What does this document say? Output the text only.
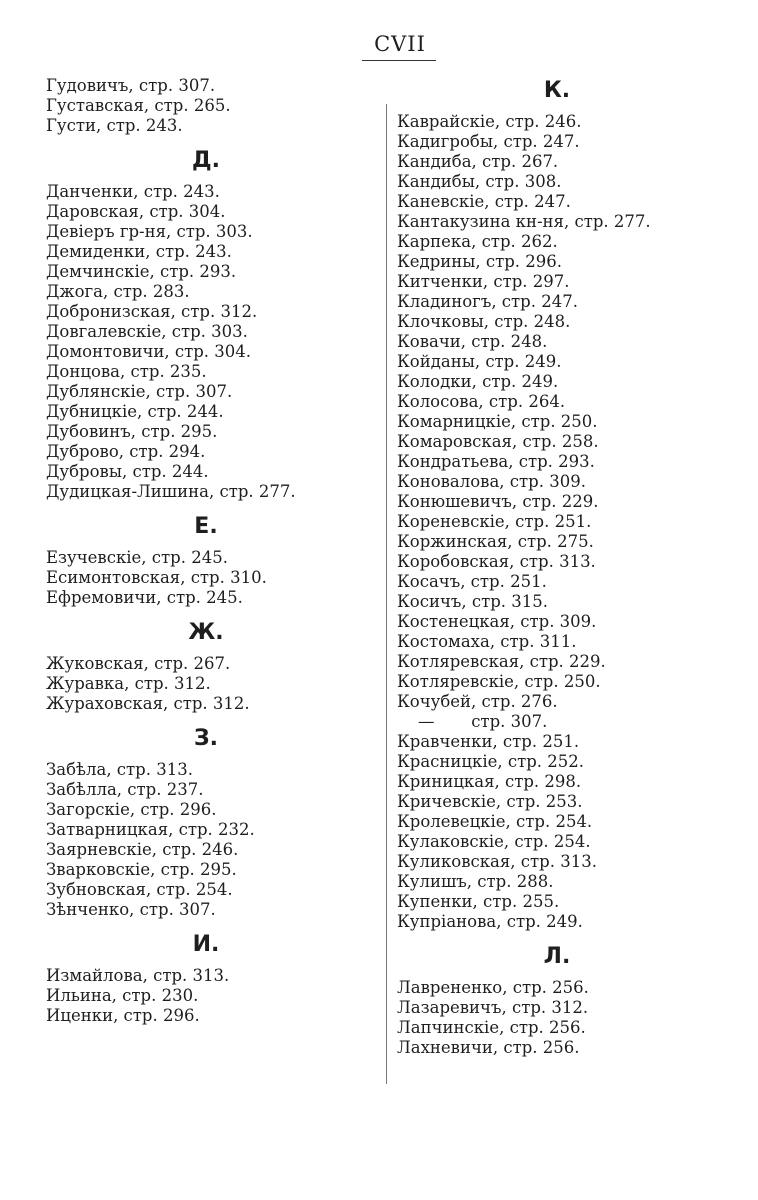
CVII
Гудовичъ, стр. 307.
Густавская, стр. 265.
Густи, стр. 243.
Д.
Данченки, стр. 243.
Даровская, стр. 304.
Девіеръ гр-ня, стр. 303.
Демиденки, стр. 243.
Демчинскіе, стр. 293.
Джога, стр. 283.
Добронизская, стр. 312.
Довгалевскіе, стр. 303.
Домонтовичи, стр. 304.
Донцова, стр. 235.
Дублянскіе, стр. 307.
Дубницкіе, стр. 244.
Дубовинъ, стр. 295.
Дуброво, стр. 294.
Дубровы, стр. 244.
Дудицкая-Лишина, стр. 277.
Е.
Езучевскіе, стр. 245.
Есимонтовская, стр. 310.
Ефремовичи, стр. 245.
Ж.
Жуковская, стр. 267.
Журавка, стр. 312.
Жураховская, стр. 312.
З.
Забѣла, стр. 313.
Забѣлла, стр. 237.
Загорскіе, стр. 296.
Затварницкая, стр. 232.
Заярневскіе, стр. 246.
Зварковскіе, стр. 295.
Зубновская, стр. 254.
Зѣнченко, стр. 307.
И.
Измайлова, стр. 313.
Ильина, стр. 230.
Иценки, стр. 296.
К.
Каврайскіе, стр. 246.
Кадигробы, стр. 247.
Кандиба, стр. 267.
Кандибы, стр. 308.
Каневскіе, стр. 247.
Кантакузина кн-ня, стр. 277.
Карпека, стр. 262.
Кедрины, стр. 296.
Китченки, стр. 297.
Кладиногъ, стр. 247.
Клочковы, стр. 248.
Ковачи, стр. 248.
Койданы, стр. 249.
Колодки, стр. 249.
Колосова, стр. 264.
Комарницкіе, стр. 250.
Комаровская, стр. 258.
Кондратьева, стр. 293.
Коновалова, стр. 309.
Конюшевичъ, стр. 229.
Кореневскіе, стр. 251.
Коржинская, стр. 275.
Коробовская, стр. 313.
Косачъ, стр. 251.
Косичъ, стр. 315.
Костенецкая, стр. 309.
Костомаха, стр. 311.
Котляревская, стр. 229.
Котляревскіе, стр. 250.
Кочубей, стр. 276.
—       стр. 307.
Кравченки, стр. 251.
Красницкіе, стр. 252.
Криницкая, стр. 298.
Кричевскіе, стр. 253.
Кролевецкіе, стр. 254.
Кулаковскіе, стр. 254.
Куликовская, стр. 313.
Кулишъ, стр. 288.
Купенки, стр. 255.
Купріанова, стр. 249.
Л.
Лаврененко, стр. 256.
Лазаревичъ, стр. 312.
Лапчинскіе, стр. 256.
Лахневичи, стр. 256.
